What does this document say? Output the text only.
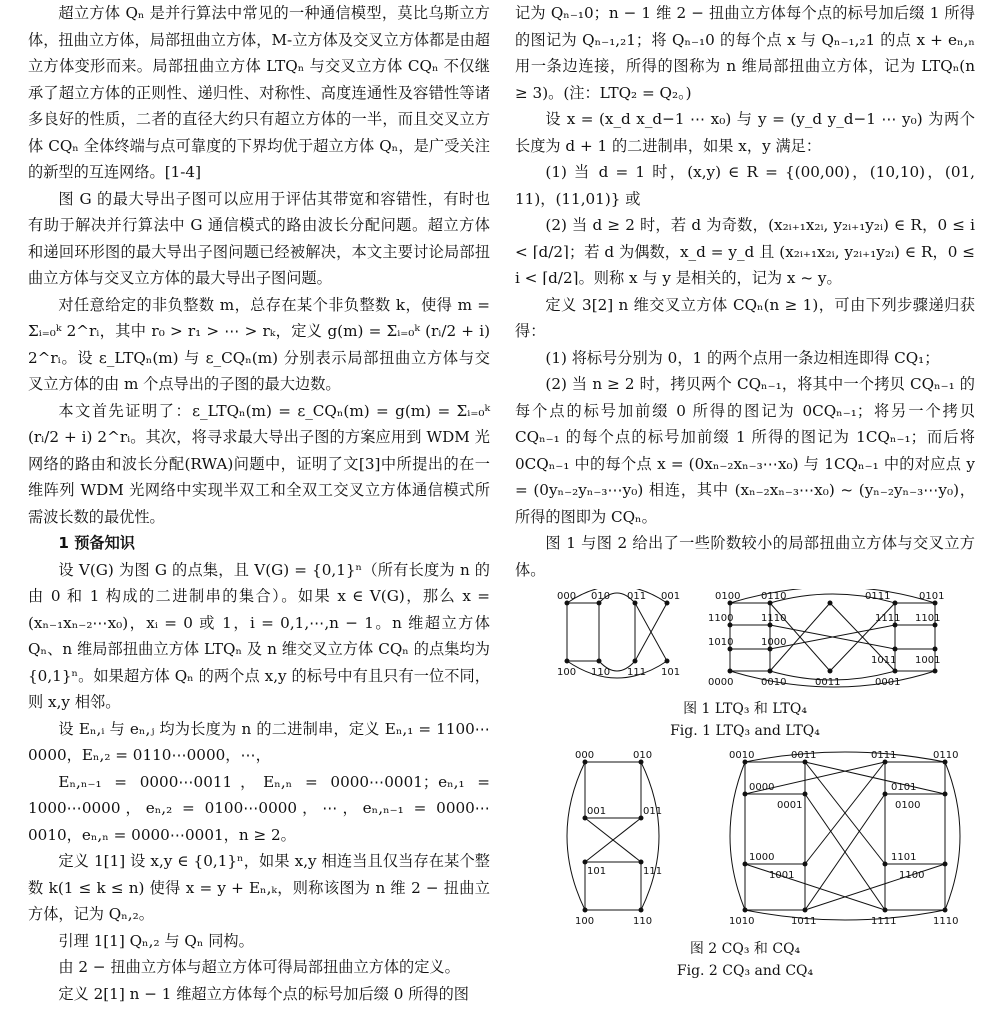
超立方体 Qₙ 是并行算法中常见的一种通信模型，莫比乌斯立方体，扭曲立方体，局部扭曲立方体，M-立方体及交叉立方体都是由超立方体变形而来。局部扭曲立方体 LTQₙ 与交叉立方体 CQₙ 不仅继承了超立方体的正则性、递归性、对称性、高度连通性及容错性等诸多良好的性质，二者的直径大约只有超立方体的一半，而且交叉立方体 CQₙ 全体终端与点可靠度的下界均优于超立方体 Qₙ，是广受关注的新型的互连网络。[1-4]

图 G 的最大导出子图可以应用于评估其带宽和容错性，有时也有助于解决并行算法中 G 通信模式的路由波长分配问题。超立方体和递回环形图的最大导出子图问题已经被解决，本文主要讨论局部扭曲立方体与交叉立方体的最大导出子图问题。

对任意给定的非负整数 m，总存在某个非负整数 k，使得 m = Σᵢ₌₀ᵏ 2^rᵢ，其中 r₀ > r₁ > ⋯ > rₖ，定义 g(m) = Σᵢ₌₀ᵏ (rᵢ/2 + i) 2^rᵢ。设 ε_LTQₙ(m) 与 ε_CQₙ(m) 分别表示局部扭曲立方体与交叉立方体的由 m 个点导出的子图的最大边数。

本文首先证明了：ε_LTQₙ(m) = ε_CQₙ(m) = g(m) = Σᵢ₌₀ᵏ (rᵢ/2 + i) 2^rᵢ。其次，将寻求最大导出子图的方案应用到 WDM 光网络的路由和波长分配(RWA)问题中，证明了文[3]中所提出的在一维阵列 WDM 光网络中实现半双工和全双工交叉立方体通信模式所需波长数的最优性。

1 预备知识

设 V(G) 为图 G 的点集，且 V(G) = {0,1}ⁿ（所有长度为 n 的由 0 和 1 构成的二进制串的集合）。如果 x ∈ V(G)，那么 x = (xₙ₋₁xₙ₋₂⋯x₀)，xᵢ = 0 或 1，i = 0,1,⋯,n − 1。n 维超立方体 Qₙ、n 维局部扭曲立方体 LTQₙ 及 n 维交叉立方体 CQₙ 的点集均为 {0,1}ⁿ。如果超方体 Qₙ 的两个点 x,y 的标号中有且只有一位不同，则 x,y 相邻。

设 Eₙ,ᵢ 与 eₙ,ⱼ 均为长度为 n 的二进制串，定义 Eₙ,₁ = 1100⋯0000，Eₙ,₂ = 0110⋯0000，⋯，

Eₙ,ₙ₋₁ = 0000⋯0011，Eₙ,ₙ = 0000⋯0001；eₙ,₁ = 1000⋯0000，eₙ,₂ = 0100⋯0000，⋯，eₙ,ₙ₋₁ = 0000⋯0010，eₙ,ₙ = 0000⋯0001，n ≥ 2。

定义 1[1] 设 x,y ∈ {0,1}ⁿ，如果 x,y 相连当且仅当存在某个整数 k(1 ≤ k ≤ n) 使得 x = y + Eₙ,ₖ，则称该图为 n 维 2 − 扭曲立方体，记为 Qₙ,₂。

引理 1[1] Qₙ,₂ 与 Qₙ 同构。

由 2 − 扭曲立方体与超立方体可得局部扭曲立方体的定义。

定义 2[1] n − 1 维超立方体每个点的标号加后缀 0 所得的图

记为 Qₙ₋₁0；n − 1 维 2 − 扭曲立方体每个点的标号加后缀 1 所得的图记为 Qₙ₋₁,₂1；将 Qₙ₋₁0 的每个点 x 与 Qₙ₋₁,₂1 的点 x + eₙ,ₙ 用一条边连接，所得的图称为 n 维局部扭曲立方体，记为 LTQₙ(n ≥ 3)。(注：LTQ₂ = Q₂。)

设 x = (x_d x_d−1 ⋯ x₀) 与 y = (y_d y_d−1 ⋯ y₀) 为两个长度为 d + 1 的二进制串，如果 x，y 满足：

(1) 当 d = 1 时，(x,y) ∈ R = {(00,00)，(10,10)，(01, 11)，(11,01)} 或

(2) 当 d ≥ 2 时，若 d 为奇数，(x₂ᵢ₊₁x₂ᵢ, y₂ᵢ₊₁y₂ᵢ) ∈ R，0 ≤ i < ⌈d/2⌉；若 d 为偶数，x_d = y_d 且 (x₂ᵢ₊₁x₂ᵢ, y₂ᵢ₊₁y₂ᵢ) ∈ R，0 ≤ i < ⌈d/2⌉。则称 x 与 y 是相关的，记为 x ~ y。

定义 3[2] n 维交叉立方体 CQₙ(n ≥ 1)，可由下列步骤递归获得：

(1) 将标号分别为 0，1 的两个点用一条边相连即得 CQ₁；

(2) 当 n ≥ 2 时，拷贝两个 CQₙ₋₁，将其中一个拷贝 CQₙ₋₁ 的每个点的标号加前缀 0 所得的图记为 0CQₙ₋₁；将另一个拷贝 CQₙ₋₁ 的每个点的标号加前缀 1 所得的图记为 1CQₙ₋₁；而后将 0CQₙ₋₁ 中的每个点 x = (0xₙ₋₂xₙ₋₃⋯x₀) 与 1CQₙ₋₁ 中的对应点 y = (0yₙ₋₂yₙ₋₃⋯y₀) 相连，其中 (xₙ₋₂xₙ₋₃⋯x₀) ~ (yₙ₋₂yₙ₋₃⋯y₀)，所得的图即为 CQₙ。

图 1 与图 2 给出了一些阶数较小的局部扭曲立方体与交叉立方体。

000 010 011 001
100 110 111 101
0100 0110	0111	0101
1100	1110	1111 1101
1011 1001
1010	1000
0000	0010	0011	0001

图 1 LTQ₃ 和 LTQ₄

Fig. 1 LTQ₃ and LTQ₄

000	010
001	011
101	111
100	110
0010	0011	0111	0110
0000
0001
0101
0100
1000
1001
1101
1100
1010	1011	1111	1110

图 2 CQ₃ 和 CQ₄

Fig. 2 CQ₃ and CQ₄
